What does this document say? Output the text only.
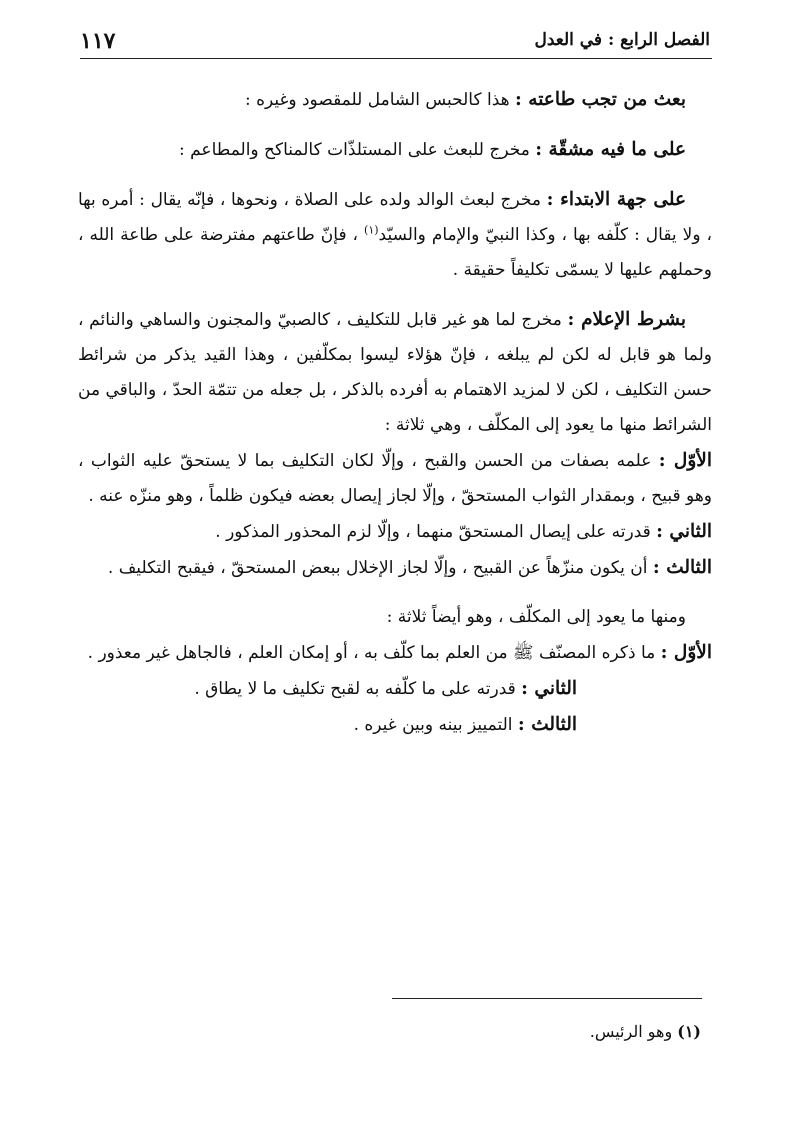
١١٧	الفصل الرابع : في العدل

بعث من تجب طاعته : هذا كالحبس الشامل للمقصود وغيره :

على ما فيه مشقّة : مخرج للبعث على المستلذّات كالمناكح والمطاعم :

على جهة الابتداء : مخرج لبعث الوالد ولده على الصلاة ، ونحوها ، فإنّه يقال : أمره بها ، ولا يقال : كلّفه بها ، وكذا النبيّ والإمام والسيّد$^{(١)}$ ، فإنّ طاعتهم مفترضة على طاعة الله ، وحملهم عليها لا يسمّى تكليفاً حقيقة .

بشرط الإعلام : مخرج لما هو غير قابل للتكليف ، كالصبيّ والمجنون والساهي والنائم ، ولما هو قابل له لكن لم يبلغه ، فإنّ هؤلاء ليسوا بمكلّفين ، وهذا القيد يذكر من شرائط حسن التكليف ، لكن لا لمزيد الاهتمام به أفرده بالذكر ، بل جعله من تتمّة الحدّ ، والباقي من الشرائط منها ما يعود إلى المكلّف ، وهي ثلاثة :

الأوّل : علمه بصفات من الحسن والقبح ، وإلّا لكان التكليف بما لا يستحقّ عليه الثواب ، وهو قبيح ، وبمقدار الثواب المستحقّ ، وإلّا لجاز إيصال بعضه فيكون ظلماً ، وهو منزّه عنه .

الثاني : قدرته على إيصال المستحقّ منهما ، وإلّا لزم المحذور المذكور .

الثالث : أن يكون منزّهاً عن القبيح ، وإلّا لجاز الإخلال ببعض المستحقّ ، فيقبح التكليف .

ومنها ما يعود إلى المكلّف ، وهو أيضاً ثلاثة :

الأوّل : ما ذكره المصنّف ﷺ من العلم بما كلّف به ، أو إمكان العلم ، فالجاهل غير معذور .

الثاني : قدرته على ما كلّفه به لقبح تكليف ما لا يطاق .

الثالث : التمييز بينه وبين غيره .

(١) وهو الرئيس.
